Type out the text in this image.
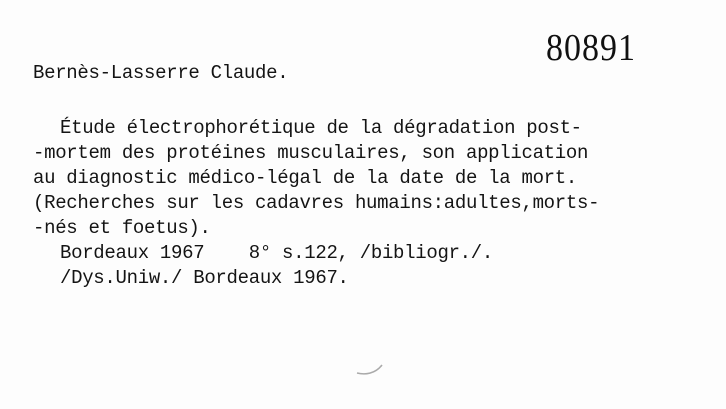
80891
Bernès-Lasserre Claude.
Étude électrophorétique de la dégradation post-
-mortem des protéines musculaires, son application
au diagnostic médico-légal de la date de la mort.
(Recherches sur les cadavres humains:adultes,morts-
-nés et foetus).
Bordeaux 1967    8° s.122, /bibliogr./.
/Dys.Uniw./ Bordeaux 1967.
